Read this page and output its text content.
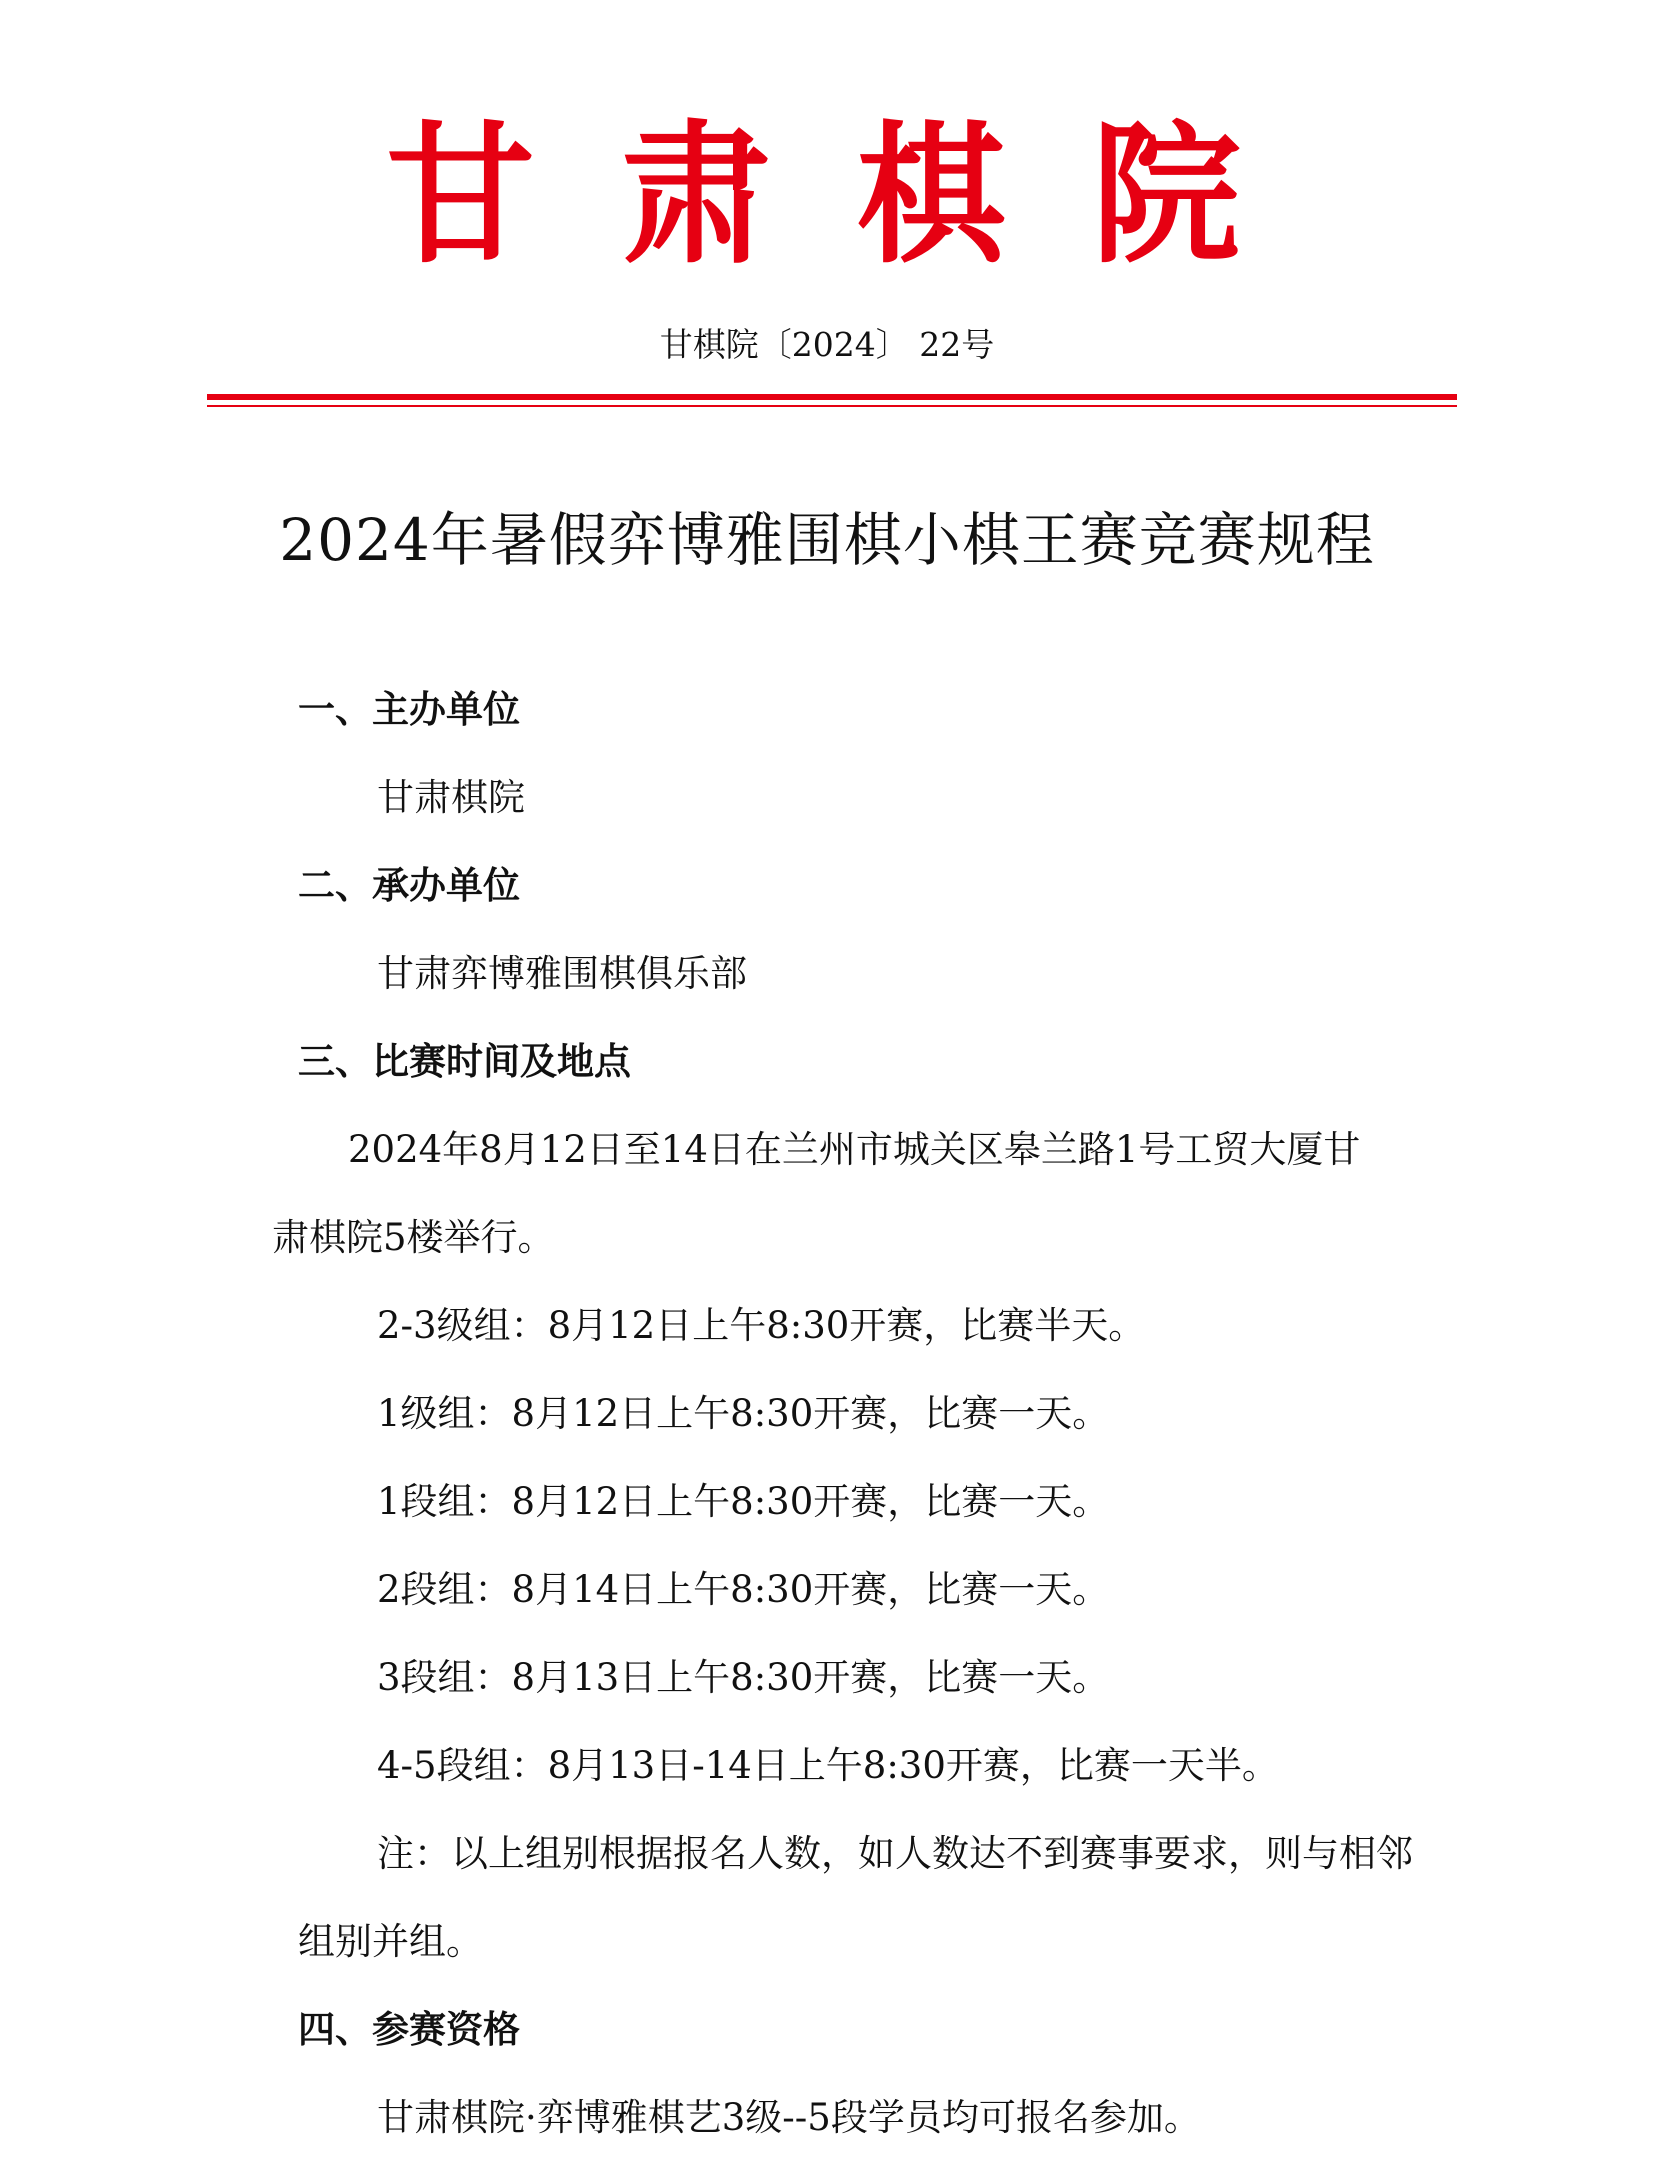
甘肃棋院
甘棋院〔2024〕 22号
2024年暑假弈博雅围棋小棋王赛竞赛规程
一、主办单位
甘肃棋院
二、承办单位
甘肃弈博雅围棋俱乐部
三、比赛时间及地点
2024年8月12日至14日在兰州市城关区皋兰路1号工贸大厦甘
肃棋院5楼举行。
2-3级组：8月12日上午8:30开赛，比赛半天。
1级组：8月12日上午8:30开赛，比赛一天。
1段组：8月12日上午8:30开赛，比赛一天。
2段组：8月14日上午8:30开赛，比赛一天。
3段组：8月13日上午8:30开赛，比赛一天。
4-5段组：8月13日-14日上午8:30开赛，比赛一天半。
注：以上组别根据报名人数，如人数达不到赛事要求，则与相邻
组别并组。
四、参赛资格
甘肃棋院·弈博雅棋艺3级--5段学员均可报名参加。
